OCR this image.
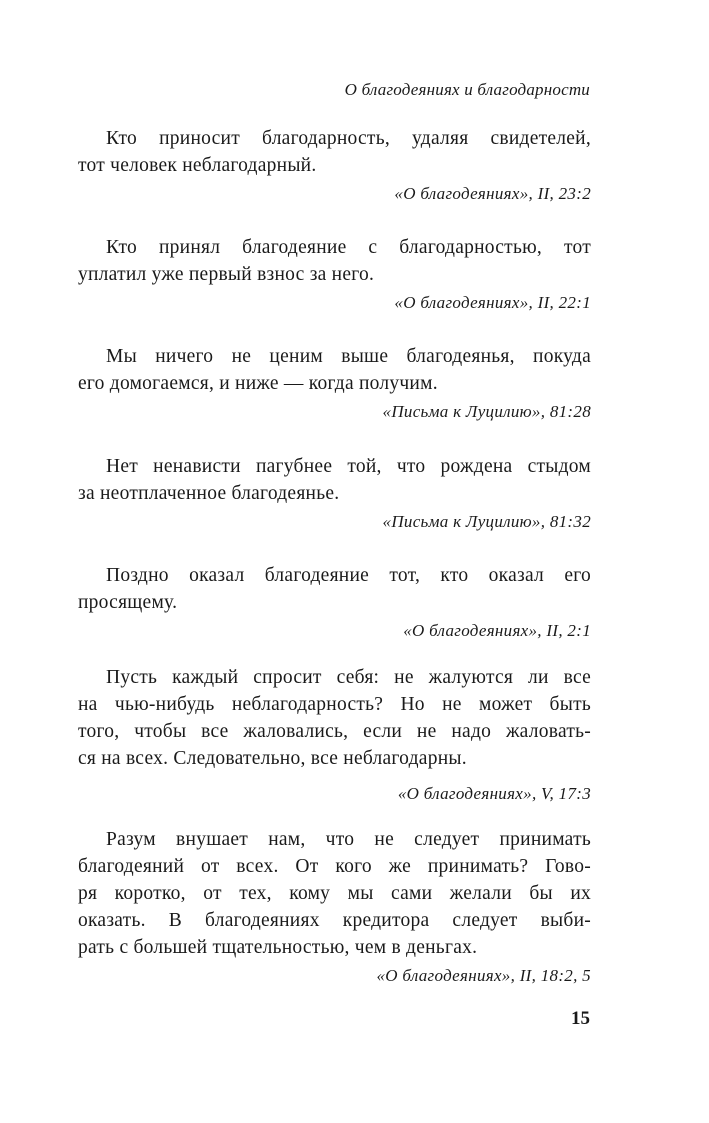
О благодеяниях и благодарности
Кто приносит благодарность, удаляя свидетелей,
тот человек неблагодарный.
«О благодеяниях», II, 23:2
Кто принял благодеяние с благодарностью, тот
уплатил уже первый взнос за него.
«О благодеяниях», II, 22:1
Мы ничего не ценим выше благодеянья, покуда
его домогаемся, и ниже — когда получим.
«Письма к Луцилию», 81:28
Нет ненависти пагубнее той, что рождена стыдом
за неотплаченное благодеянье.
«Письма к Луцилию», 81:32
Поздно оказал благодеяние тот, кто оказал его
просящему.
«О благодеяниях», II, 2:1
Пусть каждый спросит себя: не жалуются ли все
на чью-нибудь неблагодарность? Но не может быть
того, чтобы все жаловались, если не надо жаловать-
ся на всех. Следовательно, все неблагодарны.
«О благодеяниях», V, 17:3
Разум внушает нам, что не следует принимать
благодеяний от всех. От кого же принимать? Гово-
ря коротко, от тех, кому мы сами желали бы их
оказать. В благодеяниях кредитора следует выби-
рать с большей тщательностью, чем в деньгах.
«О благодеяниях», II, 18:2, 5
15
